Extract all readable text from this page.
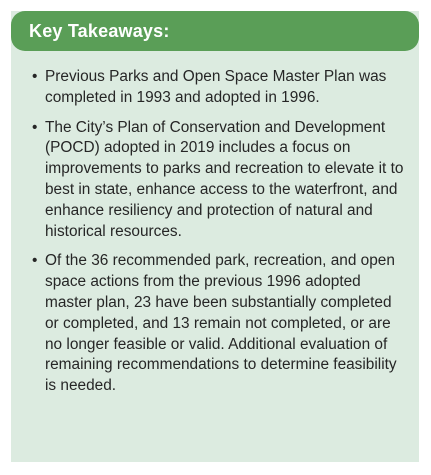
Key Takeaways:
• Previous Parks and Open Space Master Plan was completed in 1993 and adopted in 1996.
• The City’s Plan of Conservation and Development (POCD) adopted in 2019 includes a focus on improvements to parks and recreation to elevate it to best in state, enhance access to the waterfront, and enhance resiliency and protection of natural and historical resources.
• Of the 36 recommended park, recreation, and open space actions from the previous 1996 adopted master plan, 23 have been substantially completed or completed, and 13 remain not completed, or are no longer feasible or valid. Additional evaluation of remaining recommendations to determine feasibility is needed.
